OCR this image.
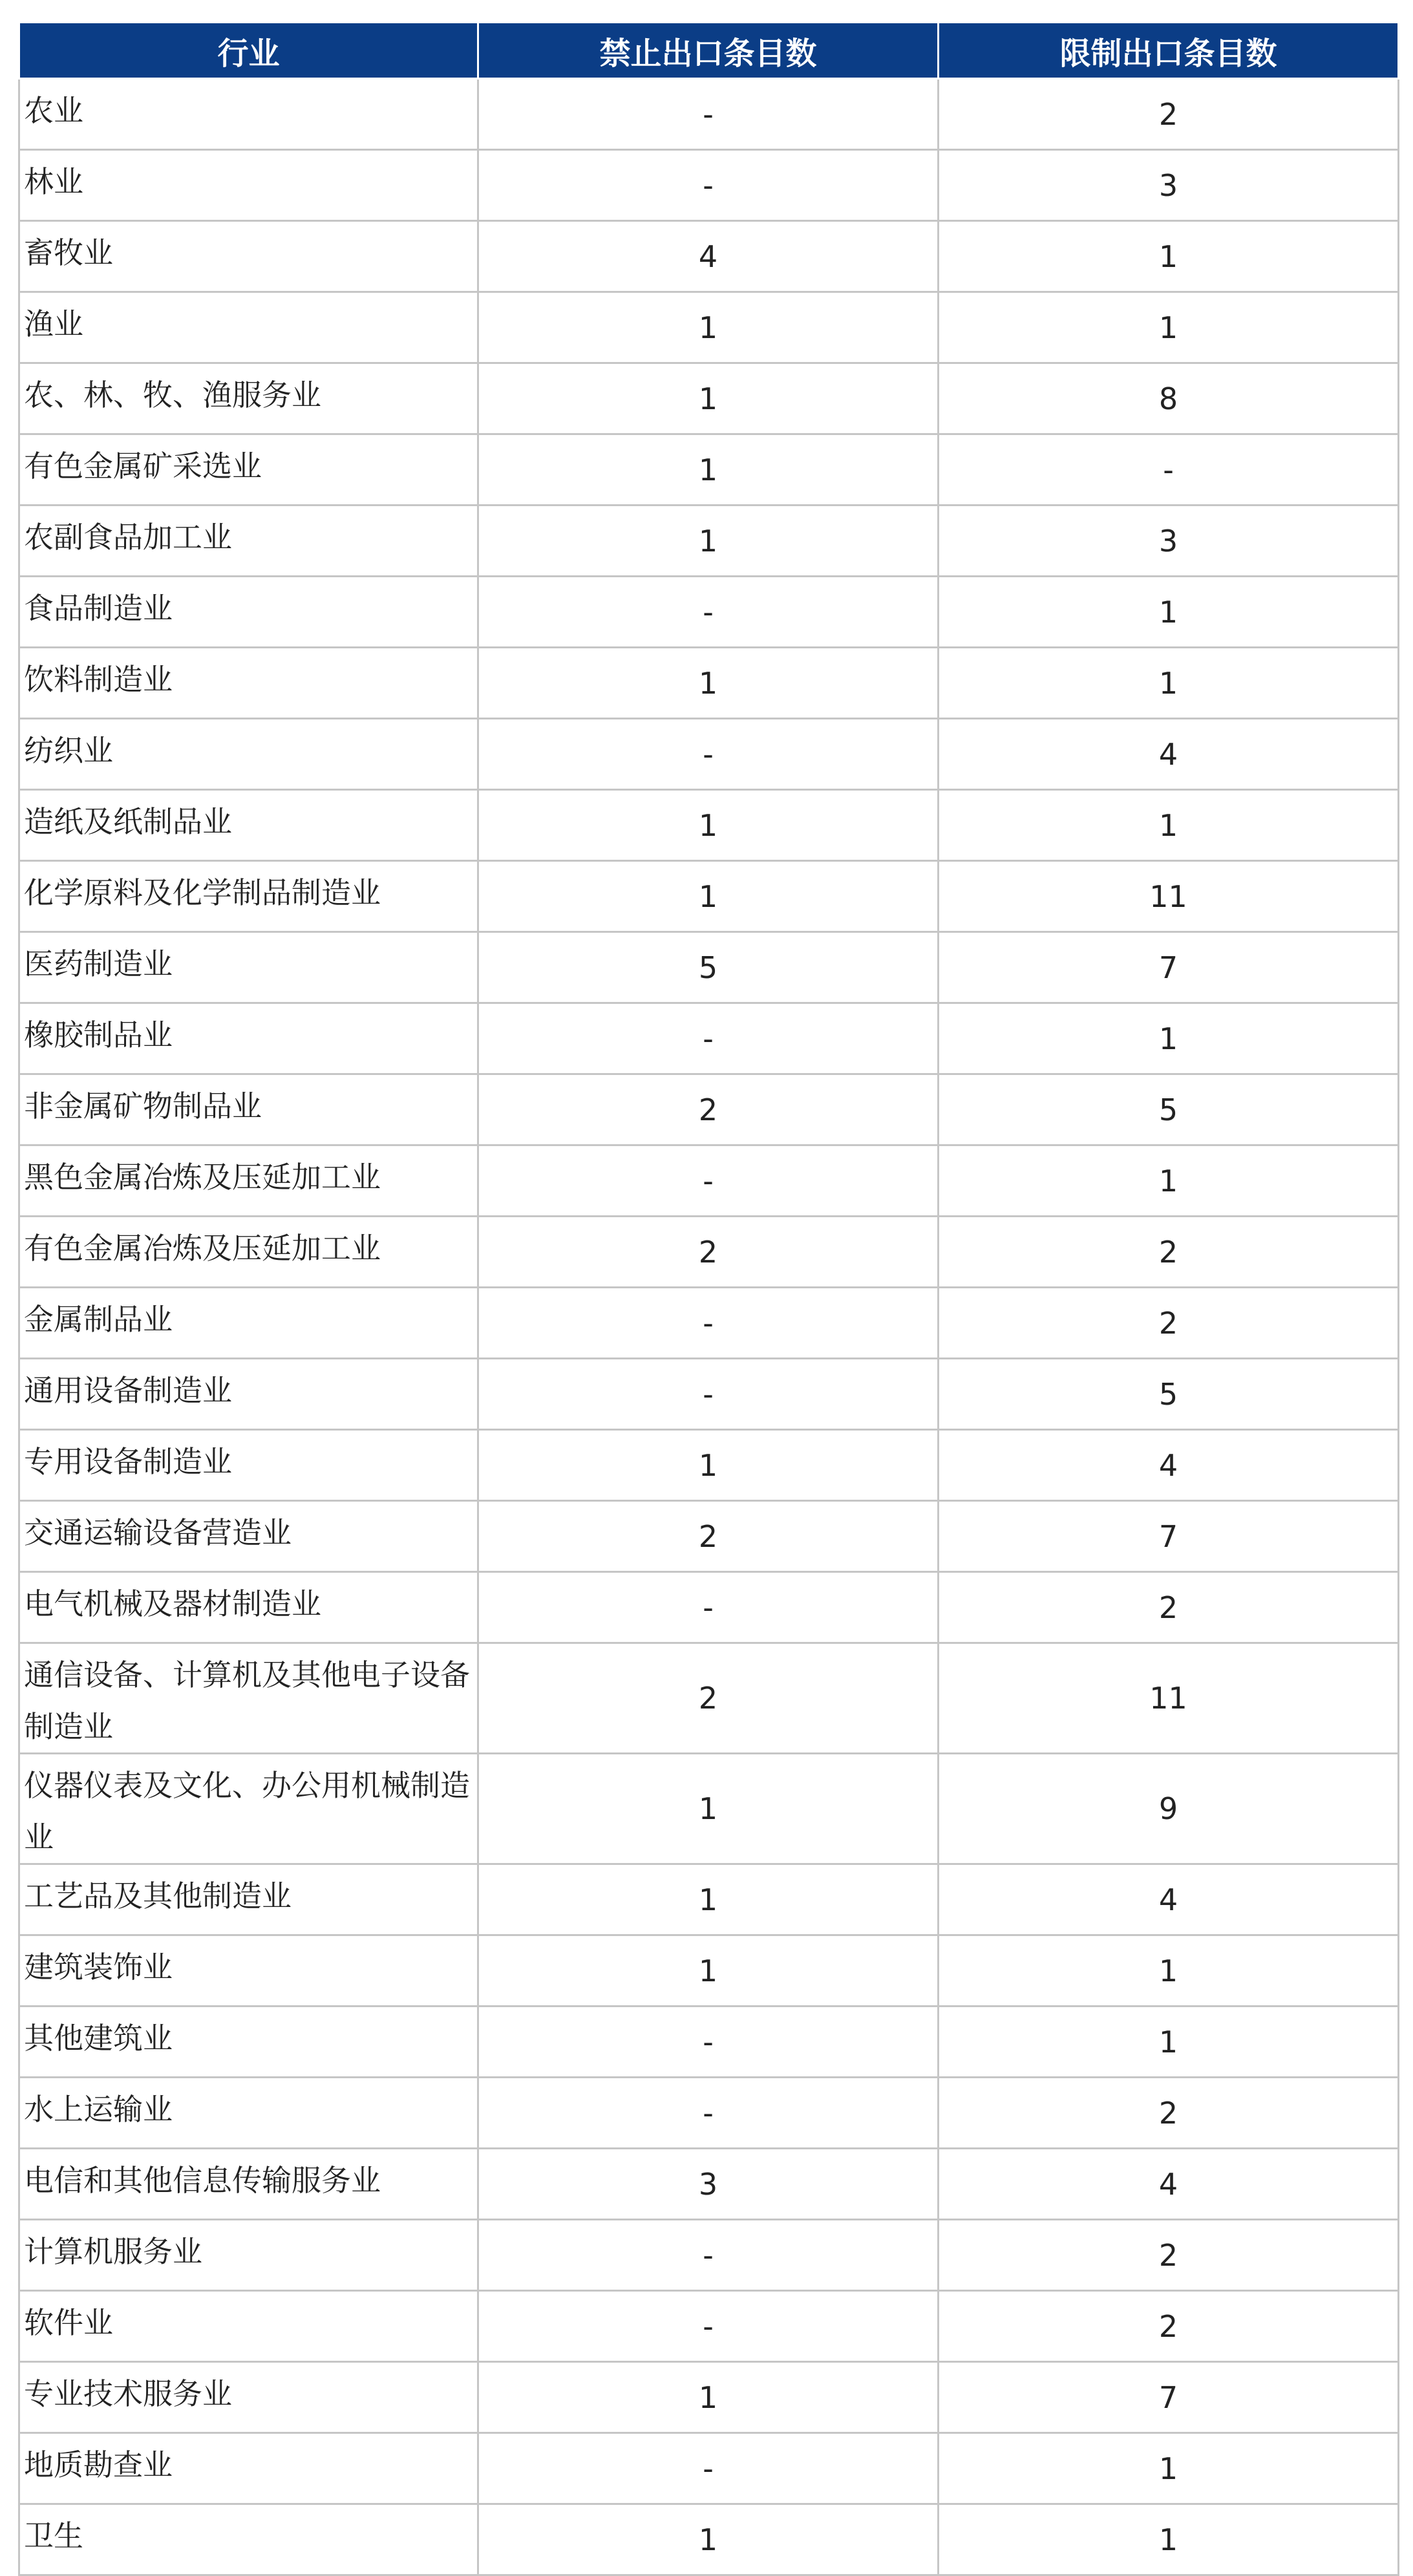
行业	禁止出口条目数	限制出口条目数
农业	-	2
林业	-	3
畜牧业	4	1
渔业	1	1
农、林、牧、渔服务业	1	8
有色金属矿采选业	1	-
农副食品加工业	1	3
食品制造业	-	1
饮料制造业	1	1
纺织业	-	4
造纸及纸制品业	1	1
化学原料及化学制品制造业	1	11
医药制造业	5	7
橡胶制品业	-	1
非金属矿物制品业	2	5
黑色金属冶炼及压延加工业	-	1
有色金属冶炼及压延加工业	2	2
金属制品业	-	2
通用设备制造业	-	5
专用设备制造业	1	4
交通运输设备营造业	2	7
电气机械及器材制造业	-	2
通信设备、计算机及其他电子设备制造业	2	11
仪器仪表及文化、办公用机械制造业	1	9
工艺品及其他制造业	1	4
建筑装饰业	1	1
其他建筑业	-	1
水上运输业	-	2
电信和其他信息传输服务业	3	4
计算机服务业	-	2
软件业	-	2
专业技术服务业	1	7
地质勘查业	-	1
卫生	1	1
